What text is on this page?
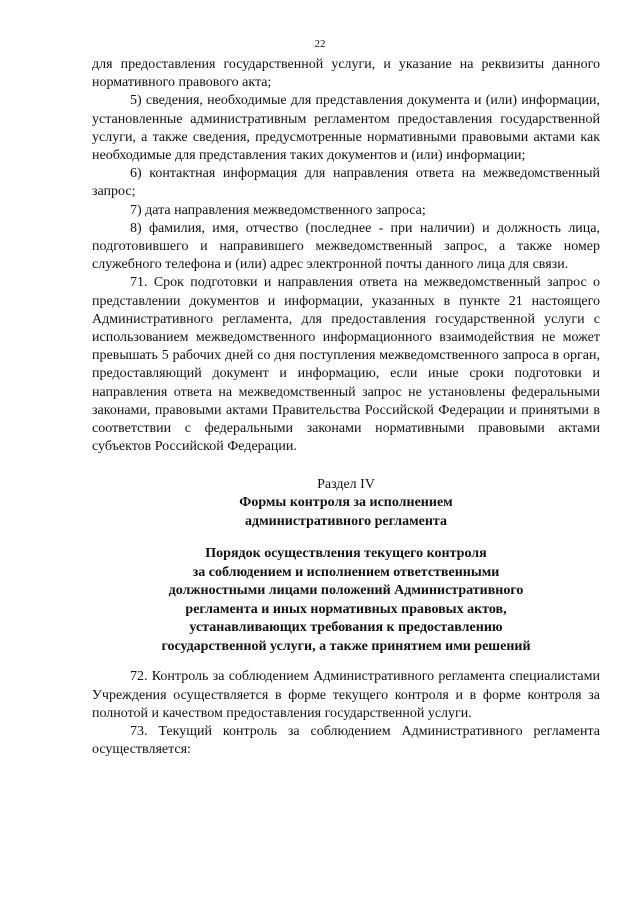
22

для предоставления государственной услуги, и указание на реквизиты данного нормативного правового акта;

5) сведения, необходимые для представления документа и (или) информации, установленные административным регламентом предоставления государственной услуги, а также сведения, предусмотренные нормативными правовыми актами как необходимые для представления таких документов и (или) информации;

6) контактная информация для направления ответа на межведомственный запрос;

7) дата направления межведомственного запроса;

8) фамилия, имя, отчество (последнее - при наличии) и должность лица, подготовившего и направившего межведомственный запрос, а также номер служебного телефона и (или) адрес электронной почты данного лица для связи.

71. Срок подготовки и направления ответа на межведомственный запрос о представлении документов и информации, указанных в пункте 21 настоящего Административного регламента, для предоставления государственной услуги с использованием межведомственного информационного взаимодействия не может превышать 5 рабочих дней со дня поступления межведомственного запроса в орган, предоставляющий документ и информацию, если иные сроки подготовки и направления ответа на межведомственный запрос не установлены федеральными законами, правовыми актами Правительства Российской Федерации и принятыми в соответствии с федеральными законами нормативными правовыми актами субъектов Российской Федерации.

Раздел IV

Формы контроля за исполнением

административного регламента

Порядок осуществления текущего контроля

за соблюдением и исполнением ответственными

должностными лицами положений Административного

регламента и иных нормативных правовых актов,

устанавливающих требования к предоставлению

государственной услуги, а также принятием ими решений

72. Контроль за соблюдением Административного регламента специалистами Учреждения осуществляется в форме текущего контроля и в форме контроля за полнотой и качеством предоставления государственной услуги.

73. Текущий контроль за соблюдением Административного регламента осуществляется:
